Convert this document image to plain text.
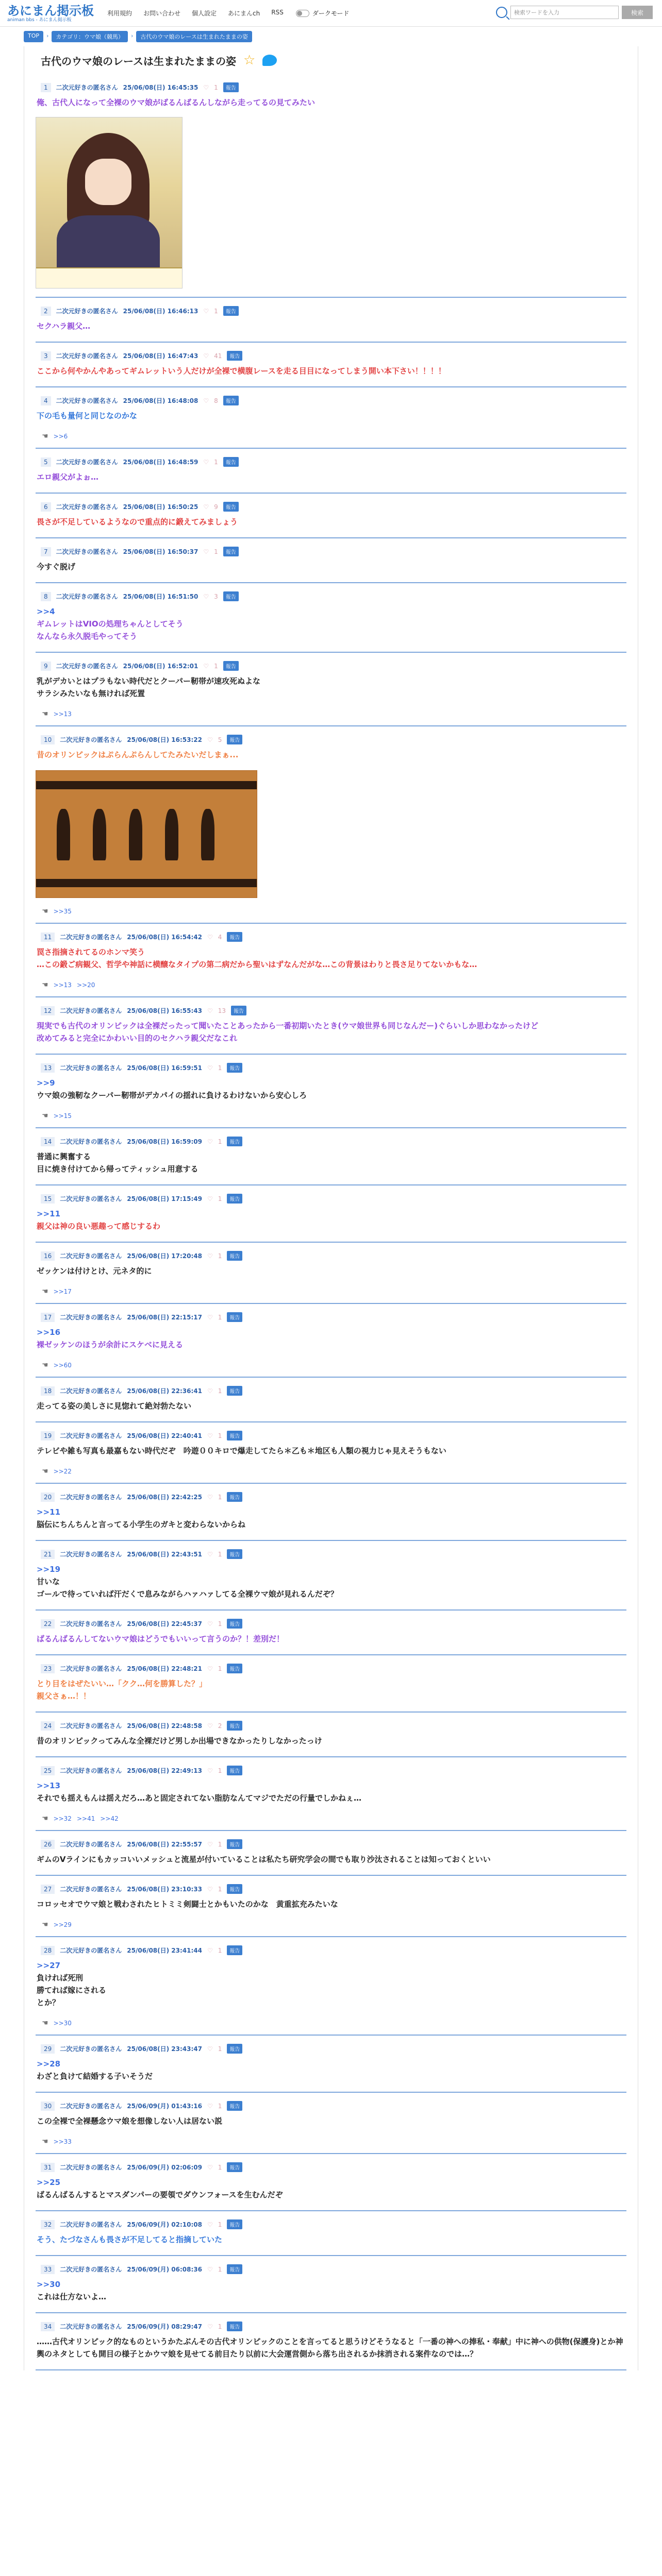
あにまん掲示板
animan bbs - あにまん掲示板
利用規約 お問い合わせ 個人設定 あにまんch RSS	ダークモード	検索ワードを入力	検索
TOP	›	カテゴリ：ウマ娘（競馬）	›	古代のウマ娘のレースは生まれたままの姿
古代のウマ娘のレースは生まれたままの姿 ☆
1	二次元好きの匿名さん 25/06/08(日) 16:45:35 ♡ 1	報告
俺、古代人になって全裸のウマ娘がばるんばるんしながら走ってるの見てみたい
2	二次元好きの匿名さん 25/06/08(日) 16:46:13 ♡ 1	報告
セクハラ親父…
3	二次元好きの匿名さん 25/06/08(日) 16:47:43 ♡ 41	報告
ここから何やかんやあってギムレットいう人だけが全裸で横腹レースを走る目目になってしまう開い本下さい！！！！
4	二次元好きの匿名さん 25/06/08(日) 16:48:08 ♡ 8	報告
下の毛も量何と同じなのかな
☚ >>6
5	二次元好きの匿名さん 25/06/08(日) 16:48:59 ♡ 1	報告
エロ親父がよぉ…
6	二次元好きの匿名さん 25/06/08(日) 16:50:25 ♡ 9	報告
畏さが不足しているようなので重点的に鍛えてみましょう
7	二次元好きの匿名さん 25/06/08(日) 16:50:37 ♡ 1	報告
今すぐ脱げ
8	二次元好きの匿名さん 25/06/08(日) 16:51:50 ♡ 3	報告
>>4
ギムレットはVIOの処理ちゃんとしてそう
なんなら永久脱毛やってそう
9	二次元好きの匿名さん 25/06/08(日) 16:52:01 ♡ 1	報告
乳がデカいとはプラもない時代だとクーパー靭帯が速攻死ぬよな
サラシみたいなも無ければ死置
☚ >>13
10	二次元好きの匿名さん 25/06/08(日) 16:53:22 ♡ 5	報告
昔のオリンピックはぷらんぷらんしてたみたいだしまぁ...
☚ >>35
11	二次元好きの匿名さん 25/06/08(日) 16:54:42 ♡ 4	報告
罠さ指摘されてるのホンマ笑う
…この鍛ご病観父、哲学や神話に横醸なタイプの第二病だから聖いはずなんだがな…この背景はわりと畏さ足りてないかもな…
☚ >>13 >>20
12	二次元好きの匿名さん 25/06/08(日) 16:55:43 ♡ 13	報告
現実でも古代のオリンピックは全裸だったって聞いたことあったから一番初期いたとき(ウマ娘世界も同じなんだー)ぐらいしか思わなかったけど
改めてみると完全にかわいい目的のセクハラ親父だなこれ
13	二次元好きの匿名さん 25/06/08(日) 16:59:51 ♡ 1	報告
>>9
ウマ娘の強靭なクーパー靭帯がデカパイの揺れに負けるわけないから安心しろ
☚ >>15
14	二次元好きの匿名さん 25/06/08(日) 16:59:09 ♡ 1	報告
普通に興奮する
目に焼き付けてから帰ってティッシュ用意する
15	二次元好きの匿名さん 25/06/08(日) 17:15:49 ♡ 1	報告
>>11
親父は神の良い悪趣って感じするわ
16	二次元好きの匿名さん 25/06/08(日) 17:20:48 ♡ 1	報告
ゼッケンは付けとけ、元ネタ的に
☚ >>17
17	二次元好きの匿名さん 25/06/08(日) 22:15:17 ♡ 1	報告
>>16
裸ゼッケンのほうが余計にスケベに見える
☚ >>60
18	二次元好きの匿名さん 25/06/08(日) 22:36:41 ♡ 1	報告
走ってる姿の美しさに見惚れて絶対勃たない
19	二次元好きの匿名さん 25/06/08(日) 22:40:41 ♡ 1	報告
テレビや雑も写真も最嘉もない時代だぞ　吟遊００キロで爆走してたら＊乙も＊地区も人類の視力じゃ見えそうもない
☚ >>22
20	二次元好きの匿名さん 25/06/08(日) 22:42:25 ♡ 1	報告
>>11
脳伝にちんちんと言ってる小学生のガキと変わらないからね
21	二次元好きの匿名さん 25/06/08(日) 22:43:51 ♡ 1	報告
>>19
甘いな
ゴールで待っていれば汗だくで息みながらハァハァしてる全裸ウマ娘が見れるんだぞ？
22	二次元好きの匿名さん 25/06/08(日) 22:45:37 ♡ 1	報告
ばるんばるんしてないウマ娘はどうでもいいって言うのか？！差別だ！
23	二次元好きの匿名さん 25/06/08(日) 22:48:21 ♡ 1	報告
とり目をはぜたいい…「クク…何を勝算した？」
親父さぁ…！！
24	二次元好きの匿名さん 25/06/08(日) 22:48:58 ♡ 2	報告
昔のオリンピックってみんな全裸だけど男しか出場できなかったりしなかったっけ
25	二次元好きの匿名さん 25/06/08(日) 22:49:13 ♡ 1	報告
>>13
それでも揺えもんは揺えだろ…あと固定されてない脂肪なんてマジでただの行量でしかねぇ…
☚ >>32 >>41 >>42
26	二次元好きの匿名さん 25/06/08(日) 22:55:57 ♡ 1	報告
ギムのVラインにもカッコいいメッシュと流星が付いていることは私たち研究学会の間でも取り沙汰されることは知っておくといい
27	二次元好きの匿名さん 25/06/08(日) 23:10:33 ♡ 1	報告
コロッセオでウマ娘と戦わされたヒトミミ剣闘士とかもいたのかな　黄重拡充みたいな
☚ >>29
28	二次元好きの匿名さん 25/06/08(日) 23:41:44 ♡ 1	報告
>>27
負ければ死刑
勝てれば嫁にされる
とか？
☚ >>30
29	二次元好きの匿名さん 25/06/08(日) 23:43:47 ♡ 1	報告
>>28
わざと負けて結婚する子いそうだ
30	二次元好きの匿名さん 25/06/09(月) 01:43:16 ♡ 1	報告
この全裸で全裸懸念ウマ娘を想像しない人は居ない説
☚ >>33
31	二次元好きの匿名さん 25/06/09(月) 02:06:09 ♡ 1	報告
>>25
ばるんばるんするとマスダンパーの要領でダウンフォースを生むんだぞ
32	二次元好きの匿名さん 25/06/09(月) 02:10:08 ♡ 1	報告
そう、たづなさんも畏さが不足してると指摘していた
33	二次元好きの匿名さん 25/06/09(月) 06:08:36 ♡ 1	報告
>>30
これは仕方ないよ…
34	二次元好きの匿名さん 25/06/09(月) 08:29:47 ♡ 1	報告
……古代オリンピック的なものというかたぶんその古代オリンピックのことを言ってると思うけどそうなると「一番の神への捧私・奉献」中に神への供物(保護身)とか神輿のネタとしても開目の様子とかウマ娘を見せてる前目たり以前に大会運営側から落ち出されるか抹消される案件なのでは…？
